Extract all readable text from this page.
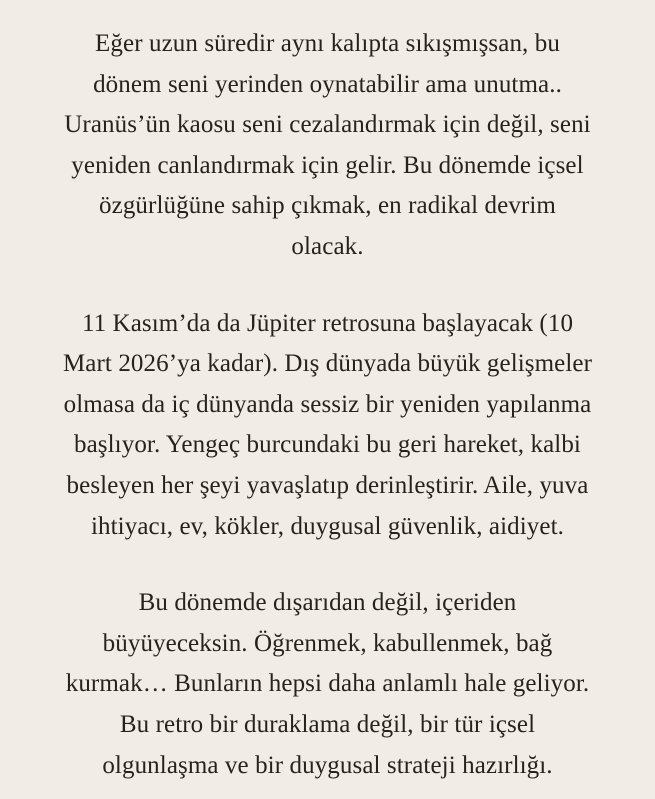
Eğer uzun süredir aynı kalıpta sıkışmışsan, bu
dönem seni yerinden oynatabilir ama unutma..
Uranüs’ün kaosu seni cezalandırmak için değil, seni
yeniden canlandırmak için gelir. Bu dönemde içsel
özgürlüğüne sahip çıkmak, en radikal devrim
olacak.

11 Kasım’da da Jüpiter retrosuna başlayacak (10
Mart 2026’ya kadar). Dış dünyada büyük gelişmeler
olmasa da iç dünyanda sessiz bir yeniden yapılanma
başlıyor. Yengeç burcundaki bu geri hareket, kalbi
besleyen her şeyi yavaşlatıp derinleştirir. Aile, yuva
ihtiyacı, ev, kökler, duygusal güvenlik, aidiyet.

Bu dönemde dışarıdan değil, içeriden
büyüyeceksin. Öğrenmek, kabullenmek, bağ
kurmak… Bunların hepsi daha anlamlı hale geliyor.
Bu retro bir duraklama değil, bir tür içsel
olgunlaşma ve bir duygusal strateji hazırlığı.
